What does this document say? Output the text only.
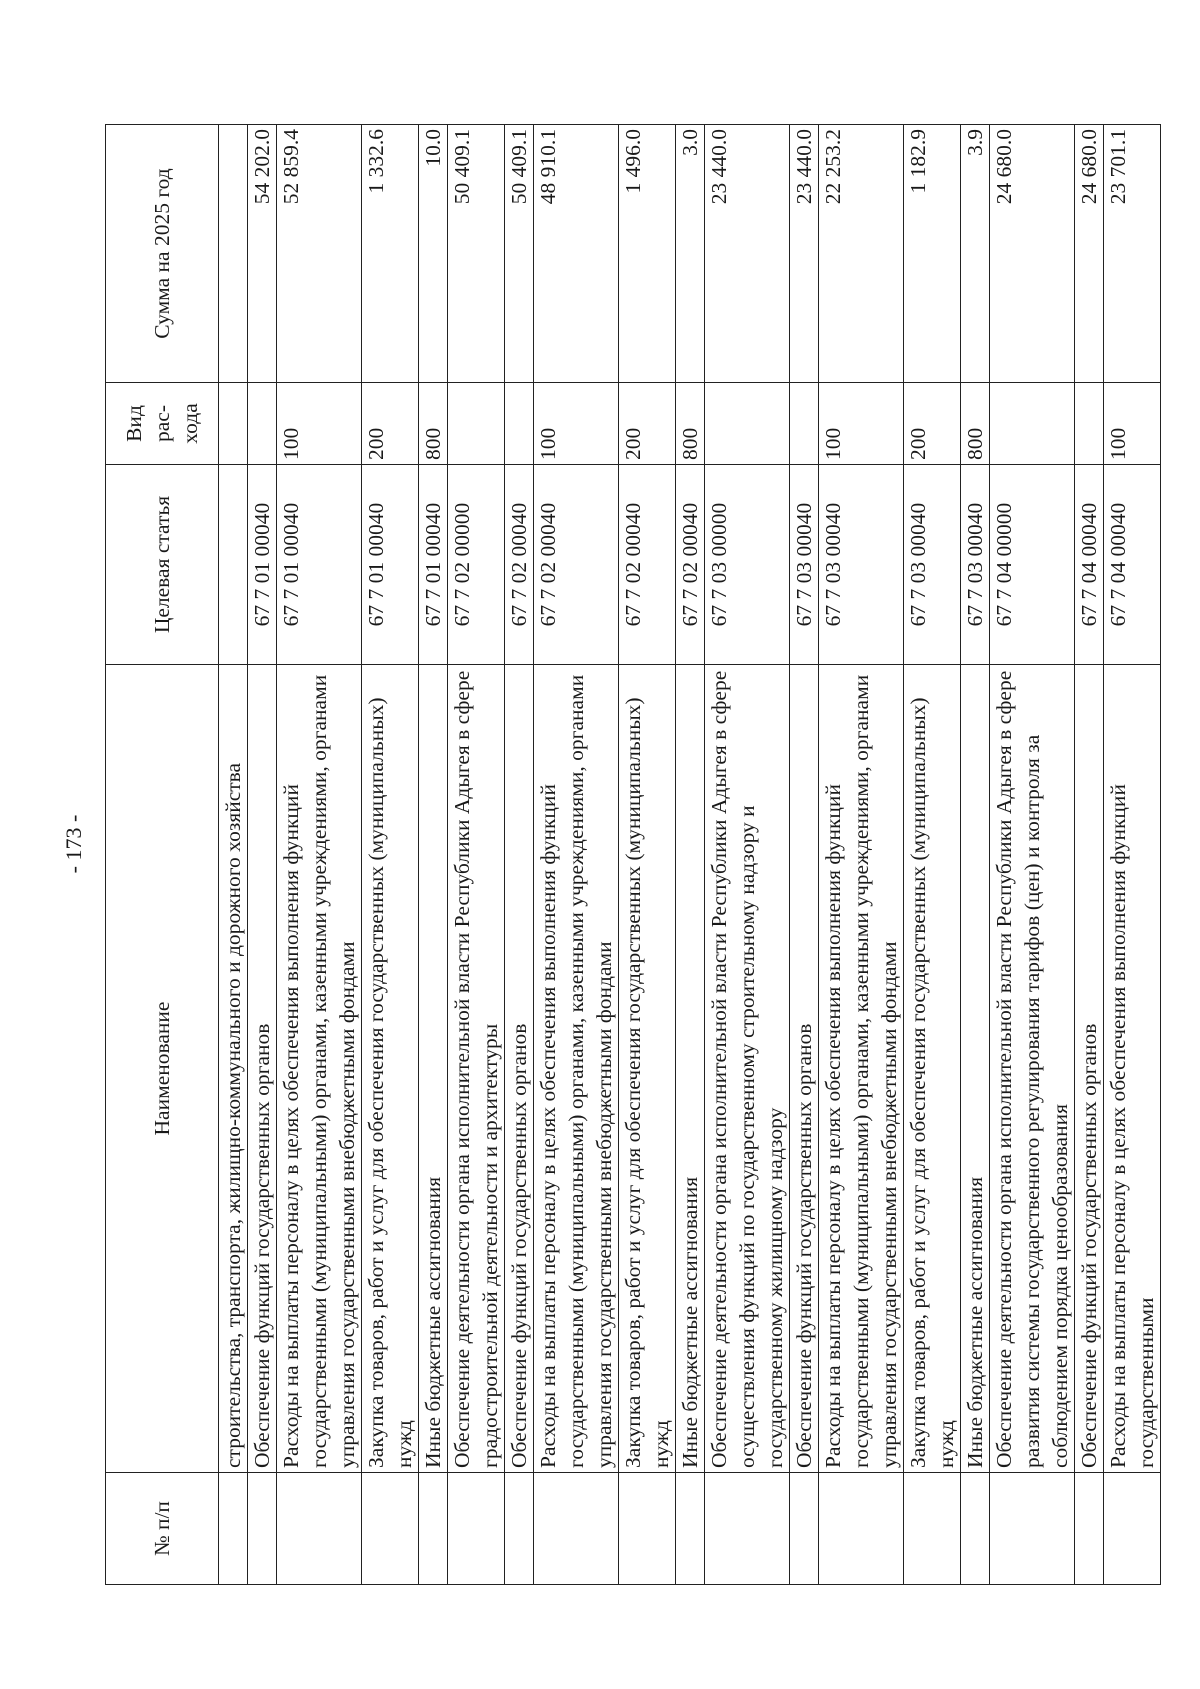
- 173 -
№ п/п	Наименование	Целевая статья	Вид рас-хода	Сумма на 2025 год
	строительства, транспорта, жилищно-коммунального и дорожного хозяйства			
	Обеспечение функций государственных органов	67 7 01 00040		54 202.0
	Расходы на выплаты персоналу в целях обеспечения выполнения функций государственными (муниципальными) органами, казенными учреждениями, органами управления государственными внебюджетными фондами	67 7 01 00040	100	52 859.4
	Закупка товаров, работ и услуг для обеспечения государственных (муниципальных) нужд	67 7 01 00040	200	1 332.6
	Иные бюджетные ассигнования	67 7 01 00040	800	10.0
	Обеспечение деятельности органа исполнительной власти Республики Адыгея в сфере градостроительной деятельности и архитектуры	67 7 02 00000		50 409.1
	Обеспечение функций государственных органов	67 7 02 00040		50 409.1
	Расходы на выплаты персоналу в целях обеспечения выполнения функций государственными (муниципальными) органами, казенными учреждениями, органами управления государственными внебюджетными фондами	67 7 02 00040	100	48 910.1
	Закупка товаров, работ и услуг для обеспечения государственных (муниципальных) нужд	67 7 02 00040	200	1 496.0
	Иные бюджетные ассигнования	67 7 02 00040	800	3.0
	Обеспечение деятельности органа исполнительной власти Республики Адыгея в сфере осуществления функций по государственному строительному надзору и государственному жилищному надзору	67 7 03 00000		23 440.0
	Обеспечение функций государственных органов	67 7 03 00040		23 440.0
	Расходы на выплаты персоналу в целях обеспечения выполнения функций государственными (муниципальными) органами, казенными учреждениями, органами управления государственными внебюджетными фондами	67 7 03 00040	100	22 253.2
	Закупка товаров, работ и услуг для обеспечения государственных (муниципальных) нужд	67 7 03 00040	200	1 182.9
	Иные бюджетные ассигнования	67 7 03 00040	800	3.9
	Обеспечение деятельности органа исполнительной власти Республики Адыгея в сфере развития системы государственного регулирования тарифов (цен) и контроля за соблюдением порядка ценообразования	67 7 04 00000		24 680.0
	Обеспечение функций государственных органов	67 7 04 00040		24 680.0
	Расходы на выплаты персоналу в целях обеспечения выполнения функций государственными	67 7 04 00040	100	23 701.1
